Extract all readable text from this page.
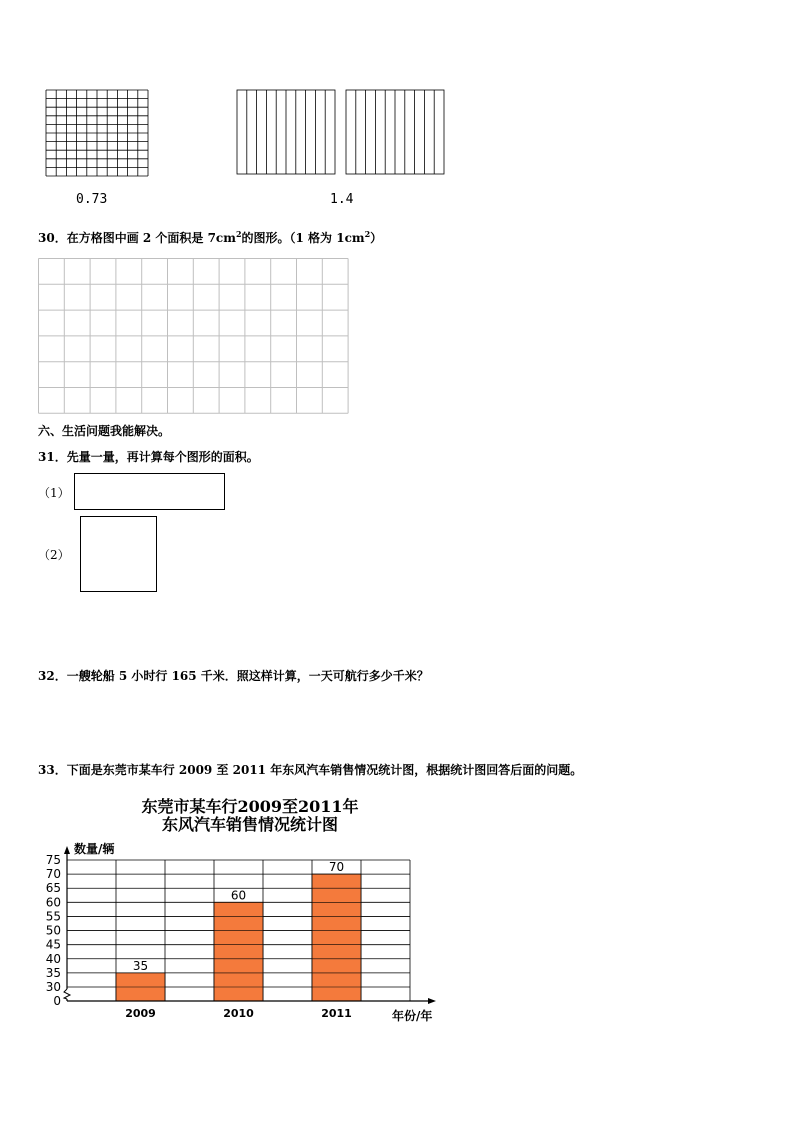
0.73	1.4
30．在方格图中画 2 个面积是 $7cm^2$的图形。（1 格为 $1cm^2$）
六、生活问题我能解决。
31．先量一量，再计算每个图形的面积。
（1）
（2）
32．一艘轮船 5 小时行 165 千米．照这样计算，一天可航行多少千米？
33．下面是东莞市某车行 2009 至 2011 年东风汽车销售情况统计图，根据统计图回答后面的问题。
东莞市某车行2009至2011年
东风汽车销售情况统计图
数量/辆
年份/年
35
2009
60
2010
70
2011
75
70
65
60
55
50
45
40
35
30
0
